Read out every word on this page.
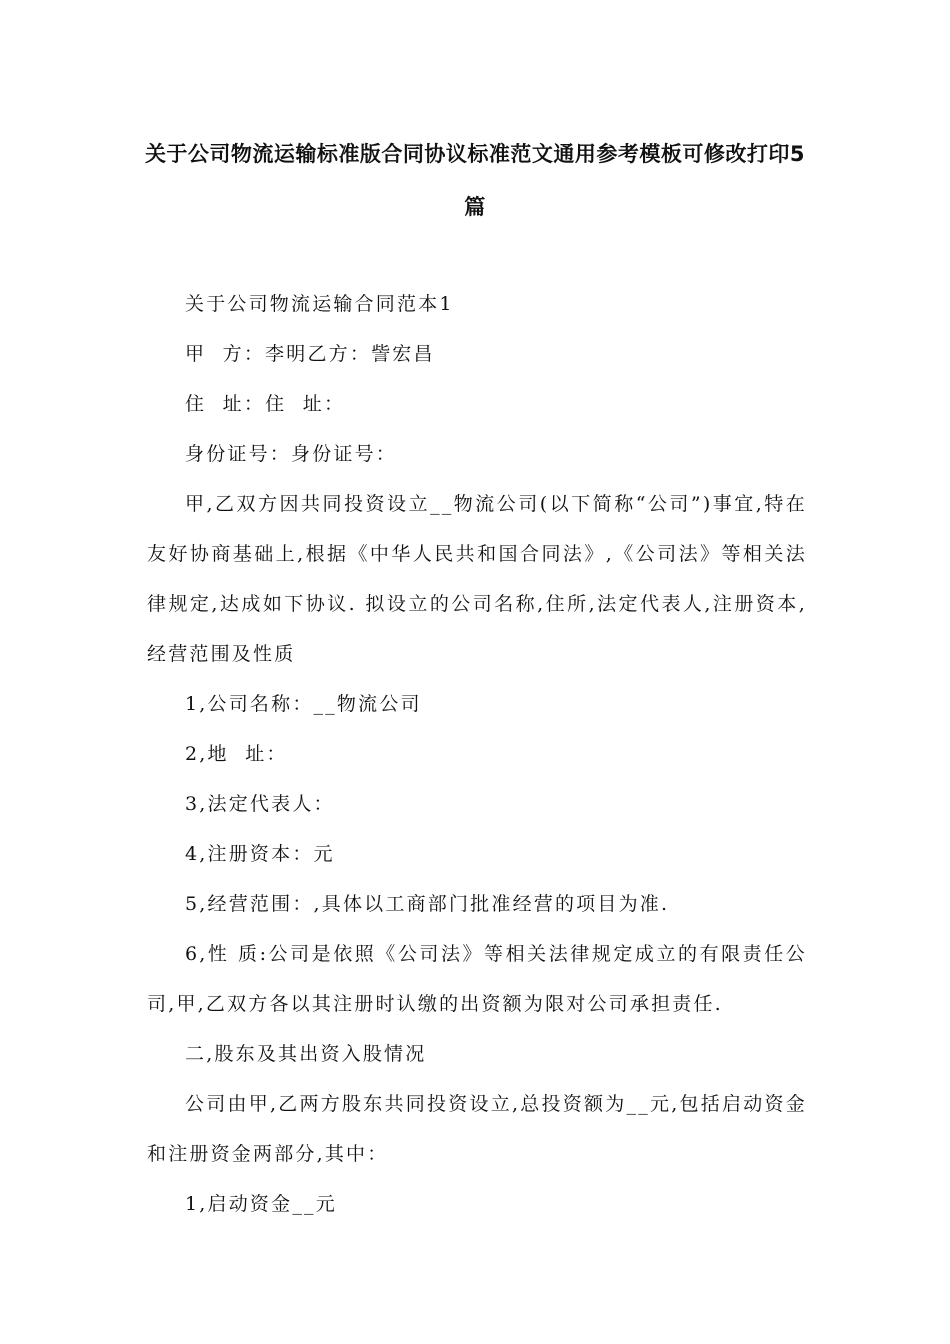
关于公司物流运输标准版合同协议标准范文通用参考模板可修改打印5篇

关于公司物流运输合同范本1

甲  方：李明乙方：訾宏昌

住  址：住  址：

身份证号：身份证号：

甲,乙双方因共同投资设立__物流公司(以下简称“公司”)事宜,特在友好协商基础上,根据《中华人民共和国合同法》,《公司法》等相关法律规定,达成如下协议. 拟设立的公司名称,住所,法定代表人,注册资本,经营范围及性质

1,公司名称：__物流公司

2,地  址：

3,法定代表人：

4,注册资本：元

5,经营范围：,具体以工商部门批准经营的项目为准.

6,性 质:公司是依照《公司法》等相关法律规定成立的有限责任公司,甲,乙双方各以其注册时认缴的出资额为限对公司承担责任.

二,股东及其出资入股情况

公司由甲,乙两方股东共同投资设立,总投资额为__元,包括启动资金和注册资金两部分,其中：

1,启动资金__元
